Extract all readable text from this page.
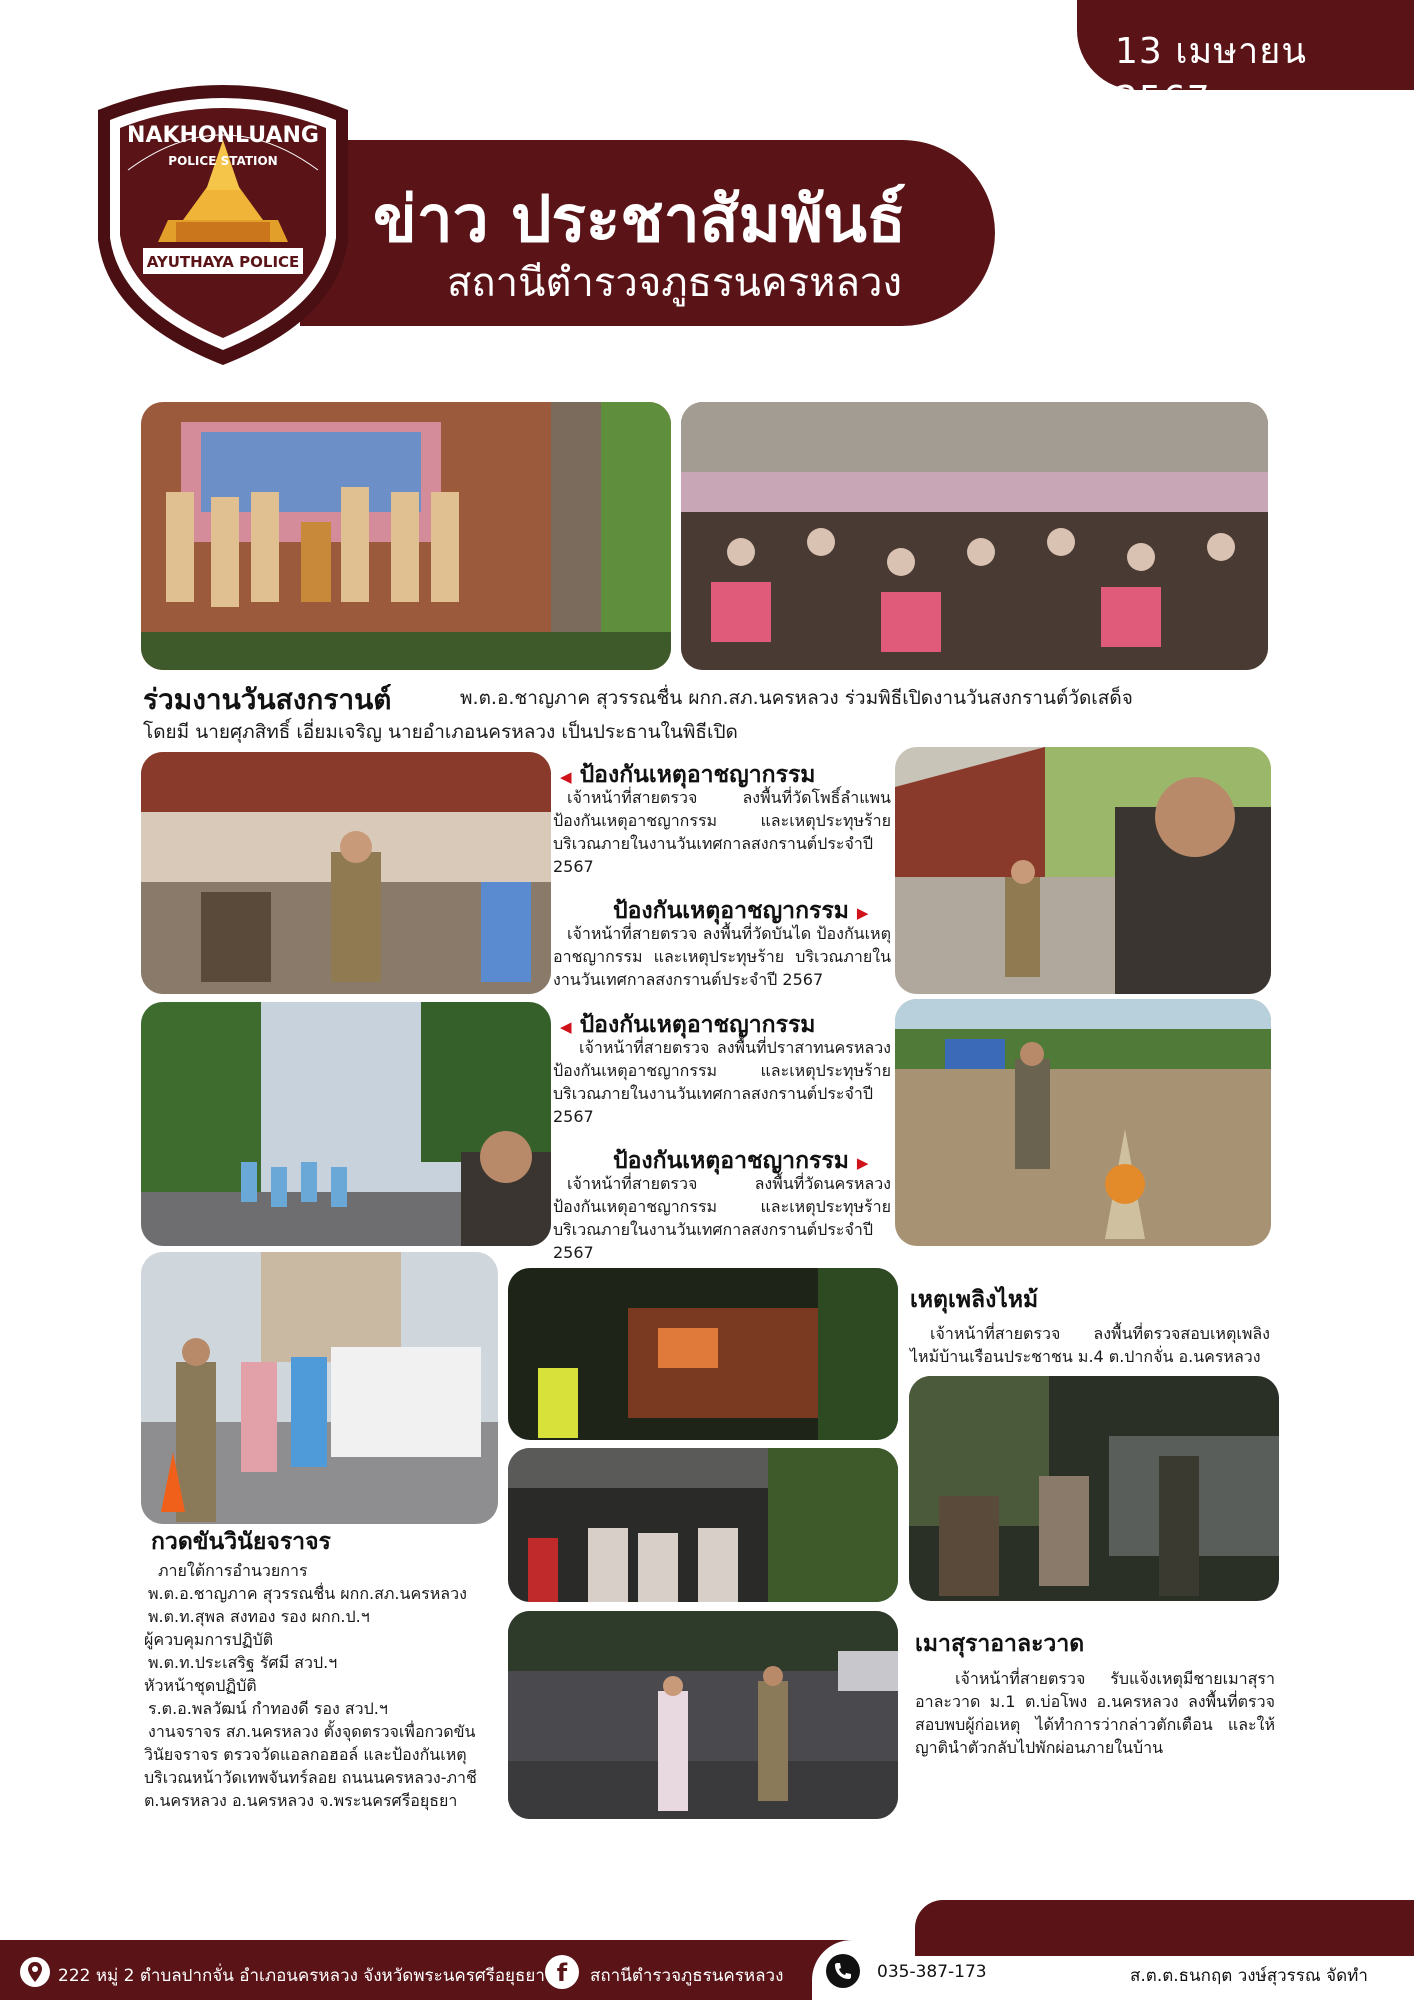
13 เมษายน 2567
ข่าว ประชาสัมพันธ์
สถานีตำรวจภูธรนครหลวง
NAKHONLUANG
POLICE STATION
AYUTHAYA POLICE
ร่วมงานวันสงกรานต์	พ.ต.อ.ชาญภาค สุวรรณชื่น ผกก.สภ.นครหลวง ร่วมพิธีเปิดงานวันสงกรานต์วัดเสด็จ
โดยมี นายศุภสิทธิ์ เอี่ยมเจริญ นายอำเภอนครหลวง เป็นประธานในพิธีเปิด
◀ ป้องกันเหตุอาชญากรรม
เจ้าหน้าที่สายตรวจ ลงพื้นที่วัดโพธิ์ลำแพนป้องกันเหตุอาชญากรรม และเหตุประทุษร้าย บริเวณภายในงานวันเทศกาลสงกรานต์ประจำปี 2567
ป้องกันเหตุอาชญากรรม ▶
เจ้าหน้าที่สายตรวจ ลงพื้นที่วัดบันได ป้องกันเหตุอาชญากรรม และเหตุประทุษร้าย บริเวณภายในงานวันเทศกาลสงกรานต์ประจำปี 2567
◀ ป้องกันเหตุอาชญากรรม
เจ้าหน้าที่สายตรวจ ลงพื้นที่ปราสาทนครหลวง ป้องกันเหตุอาชญากรรม และเหตุประทุษร้ายบริเวณภายในงานวันเทศกาลสงกรานต์ประจำปี 2567
ป้องกันเหตุอาชญากรรม ▶
เจ้าหน้าที่สายตรวจ ลงพื้นที่วัดนครหลวง ป้องกันเหตุอาชญากรรม และเหตุประทุษร้าย บริเวณภายในงานวันเทศกาลสงกรานต์ประจำปี 2567
กวดขันวินัยจราจร
ภายใต้การอำนวยการ
พ.ต.อ.ชาญภาค สุวรรณชื่น ผกก.สภ.นครหลวง
พ.ต.ท.สุพล สงทอง รอง ผกก.ป.ฯ
ผู้ควบคุมการปฏิบัติ
พ.ต.ท.ประเสริฐ รัศมี สวป.ฯ
หัวหน้าชุดปฏิบัติ
ร.ต.อ.พลวัฒน์ กำทองดี รอง สวป.ฯ
งานจราจร สภ.นครหลวง ตั้งจุดตรวจเพื่อกวดขัน
วินัยจราจร ตรวจวัดแอลกอฮอล์ และป้องกันเหตุ
บริเวณหน้าวัดเทพจันทร์ลอย ถนนนครหลวง-ภาชี
ต.นครหลวง อ.นครหลวง จ.พระนครศรีอยุธยา
เหตุเพลิงไหม้
เจ้าหน้าที่สายตรวจ ลงพื้นที่ตรวจสอบเหตุเพลิงไหม้บ้านเรือนประชาชน ม.4 ต.ปากจั่น อ.นครหลวง
เมาสุราอาละวาด
เจ้าหน้าที่สายตรวจ รับแจ้งเหตุมีชายเมาสุราอาละวาด ม.1 ต.บ่อโพง อ.นครหลวง ลงพื้นที่ตรวจสอบพบผู้ก่อเหตุ ได้ทำการว่ากล่าวตักเตือน และให้ญาตินำตัวกลับไปพักผ่อนภายในบ้าน
222 หมู่ 2 ตำบลปากจั่น อำเภอนครหลวง จังหวัดพระนครศรีอยุธยา f สถานีตำรวจภูธรนครหลวง	035-387-173	ส.ต.ต.ธนกฤต วงษ์สุวรรณ จัดทำ
